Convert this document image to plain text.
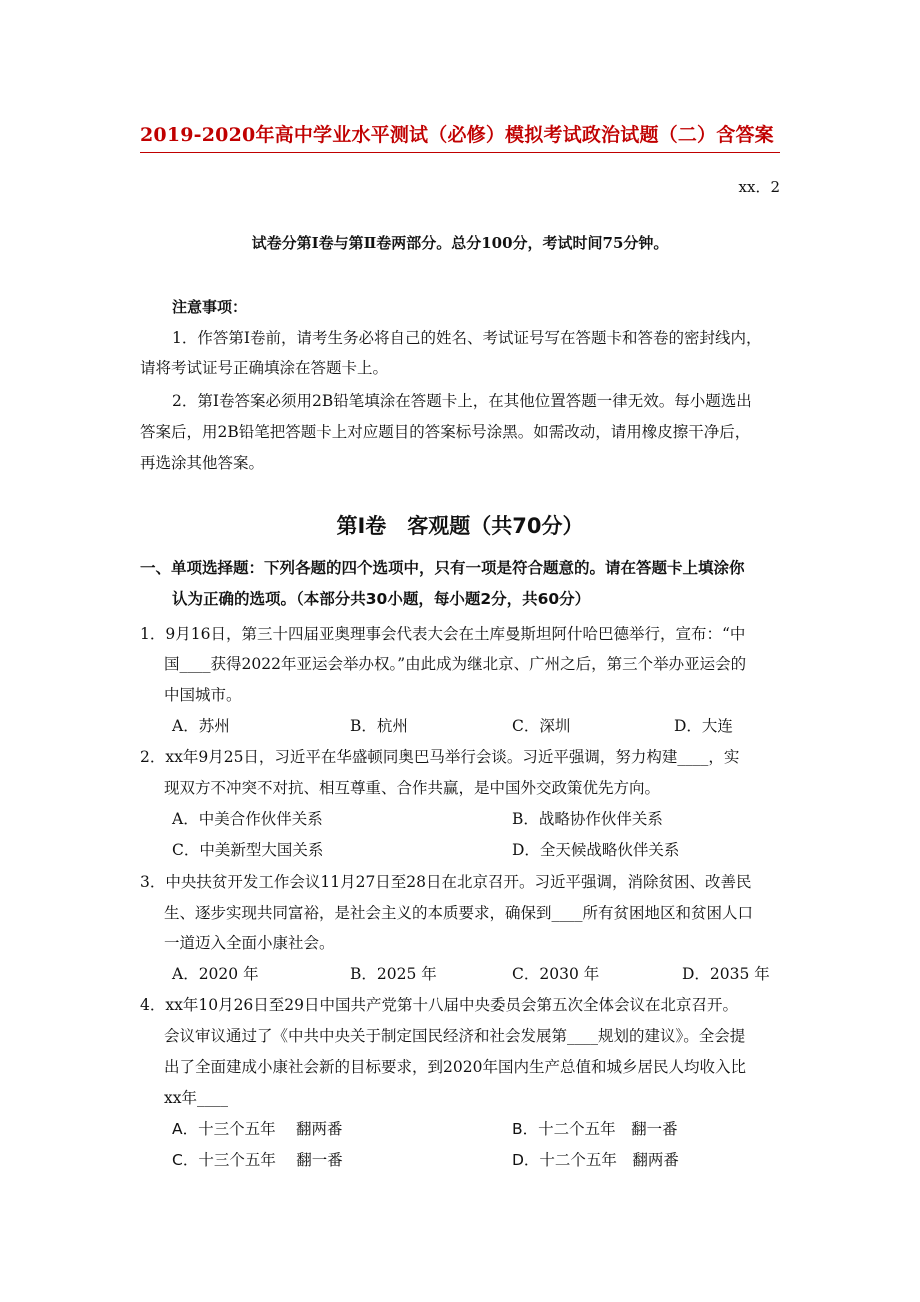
2019-2020年高中学业水平测试（必修）模拟考试政治试题（二）含答案
xx．2
试卷分第Ⅰ卷与第Ⅱ卷两部分。总分100分，考试时间75分钟。
注意事项：
1．作答第Ⅰ卷前，请考生务必将自己的姓名、考试证号写在答题卡和答卷的密封线内，
请将考试证号正确填涂在答题卡上。
2．第Ⅰ卷答案必须用2B铅笔填涂在答题卡上，在其他位置答题一律无效。每小题选出
答案后，用2B铅笔把答题卡上对应题目的答案标号涂黑。如需改动，请用橡皮擦干净后，
再选涂其他答案。
第Ⅰ卷　客观题（共70分）
一、单项选择题：下列各题的四个选项中，只有一项是符合题意的。请在答题卡上填涂你
认为正确的选项。（本部分共30小题，每小题2分，共60分）
1．9月16日，第三十四届亚奥理事会代表大会在土库曼斯坦阿什哈巴德举行，宣布：“中
国____获得2022年亚运会举办权。”由此成为继北京、广州之后，第三个举办亚运会的
中国城市。
A．苏州	B．杭州	C．深圳	D．大连
2．xx年9月25日，习近平在华盛顿同奥巴马举行会谈。习近平强调，努力构建____，实
现双方不冲突不对抗、相互尊重、合作共赢，是中国外交政策优先方向。
A．中美合作伙伴关系	B．战略协作伙伴关系
C．中美新型大国关系	D．全天候战略伙伴关系
3．中央扶贫开发工作会议11月27日至28日在北京召开。习近平强调，消除贫困、改善民
生、逐步实现共同富裕，是社会主义的本质要求，确保到____所有贫困地区和贫困人口
一道迈入全面小康社会。
A．2020 年	B．2025 年	C．2030 年	D．2035 年
4．xx年10月26日至29日中国共产党第十八届中央委员会第五次全体会议在北京召开。
会议审议通过了《中共中央关于制定国民经济和社会发展第____规划的建议》。全会提
出了全面建成小康社会新的目标要求，到2020年国内生产总值和城乡居民人均收入比
xx年____
A．十三个五年　 翻两番	B．十二个五年　翻一番
C．十三个五年　 翻一番	D．十二个五年　翻两番
